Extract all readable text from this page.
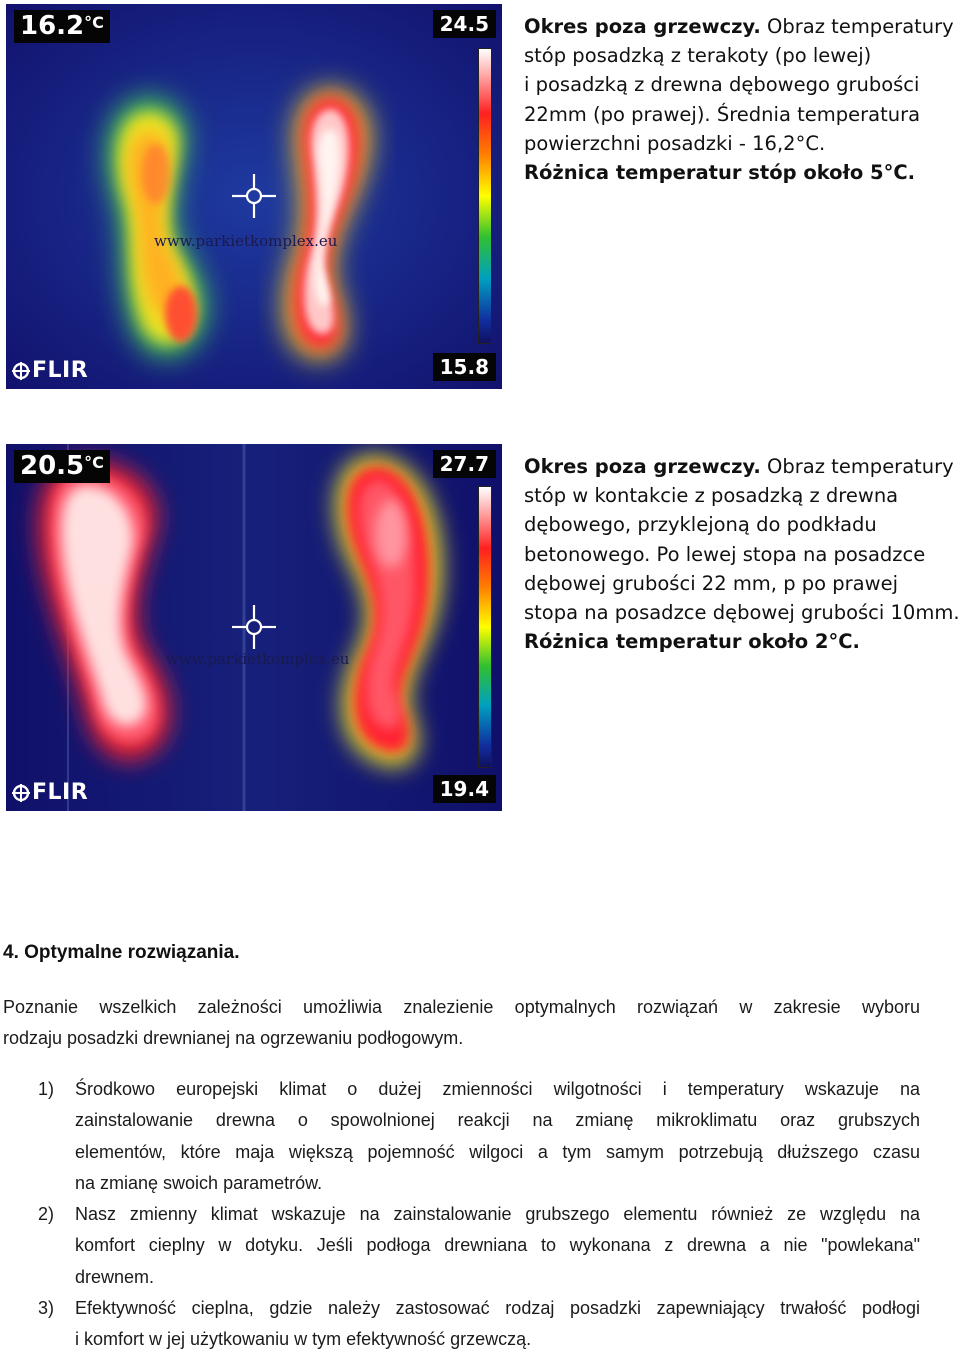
$16.2^{^\circ C}$	24.5
15.8
FLIR
www.parkietkomplex.eu
Okres poza grzewczy. Obraz temperatury
stóp posadzką z terakoty (po lewej)
i posadzką z drewna dębowego grubości
22mm (po prawej). Średnia temperatura
powierzchni posadzki - 16,2°C.
Różnica temperatur stóp około 5°C.
$20.5^{^\circ C}$	27.7
19.4
FLIR
www.parkietkomplex.eu
Okres poza grzewczy. Obraz temperatury
stóp w kontakcie z posadzką z drewna
dębowego, przyklejoną do podkładu
betonowego. Po lewej stopa na posadzce
dębowej grubości 22 mm, p po prawej
stopa na posadzce dębowej grubości 10mm.
Różnica temperatur około 2°C.
4. Optymalne rozwiązania.

Poznanie wszelkich zależności umożliwia znalezienie optymalnych rozwiązań w zakresie wyboru
rodzaju posadzki drewnianej na ogrzewaniu podłogowym.

1) Środkowo europejski klimat o dużej zmienności wilgotności i temperatury wskazuje na
zainstalowanie drewna o spowolnionej reakcji na zmianę mikroklimatu oraz grubszych
elementów, które maja większą pojemność wilgoci a tym samym potrzebują dłuższego czasu
na zmianę swoich parametrów.
2) Nasz zmienny klimat wskazuje na zainstalowanie grubszego elementu również ze względu na
komfort cieplny w dotyku. Jeśli podłoga drewniana to wykonana z drewna a nie "powlekana"
drewnem.
3) Efektywność cieplna, gdzie należy zastosować rodzaj posadzki zapewniający trwałość podłogi
i komfort w jej użytkowaniu w tym efektywność grzewczą.
